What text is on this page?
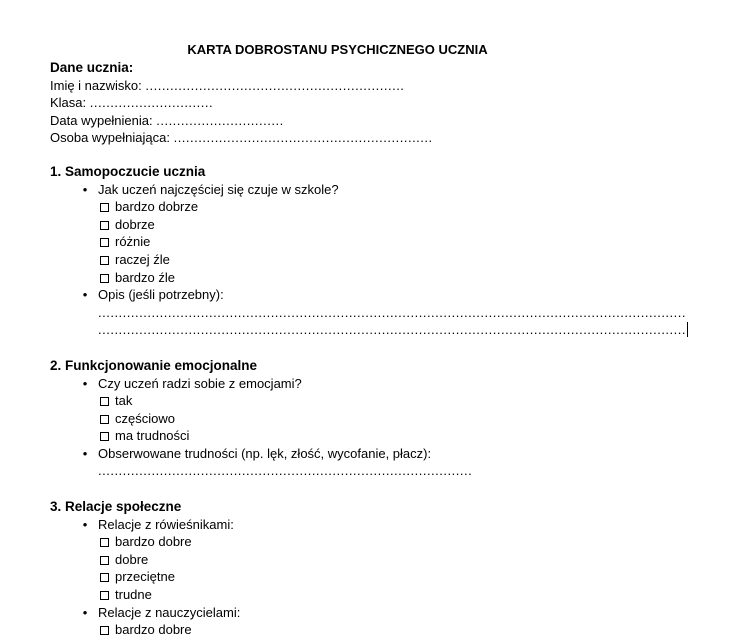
KARTA DOBROSTANU PSYCHICZNEGO UCZNIA
Dane ucznia:
Imię i nazwisko: ...............................................................
Klasa: ..............................
Data wypełnienia: ...............................
Osoba wypełniająca: ...............................................................
1. Samopoczucie ucznia
• Jak uczeń najczęściej się czuje w szkole?
bardzo dobrze
dobrze
różnie
raczej źle
bardzo źle
• Opis (jeśli potrzebny):
...............................................................................................................................................
...............................................................................................................................................
2. Funkcjonowanie emocjonalne
• Czy uczeń radzi sobie z emocjami?
tak
częściowo
ma trudności
• Obserwowane trudności (np. lęk, złość, wycofanie, płacz):
...........................................................................................
3. Relacje społeczne
• Relacje z rówieśnikami:
bardzo dobre
dobre
przeciętne
trudne
• Relacje z nauczycielami:
bardzo dobre
